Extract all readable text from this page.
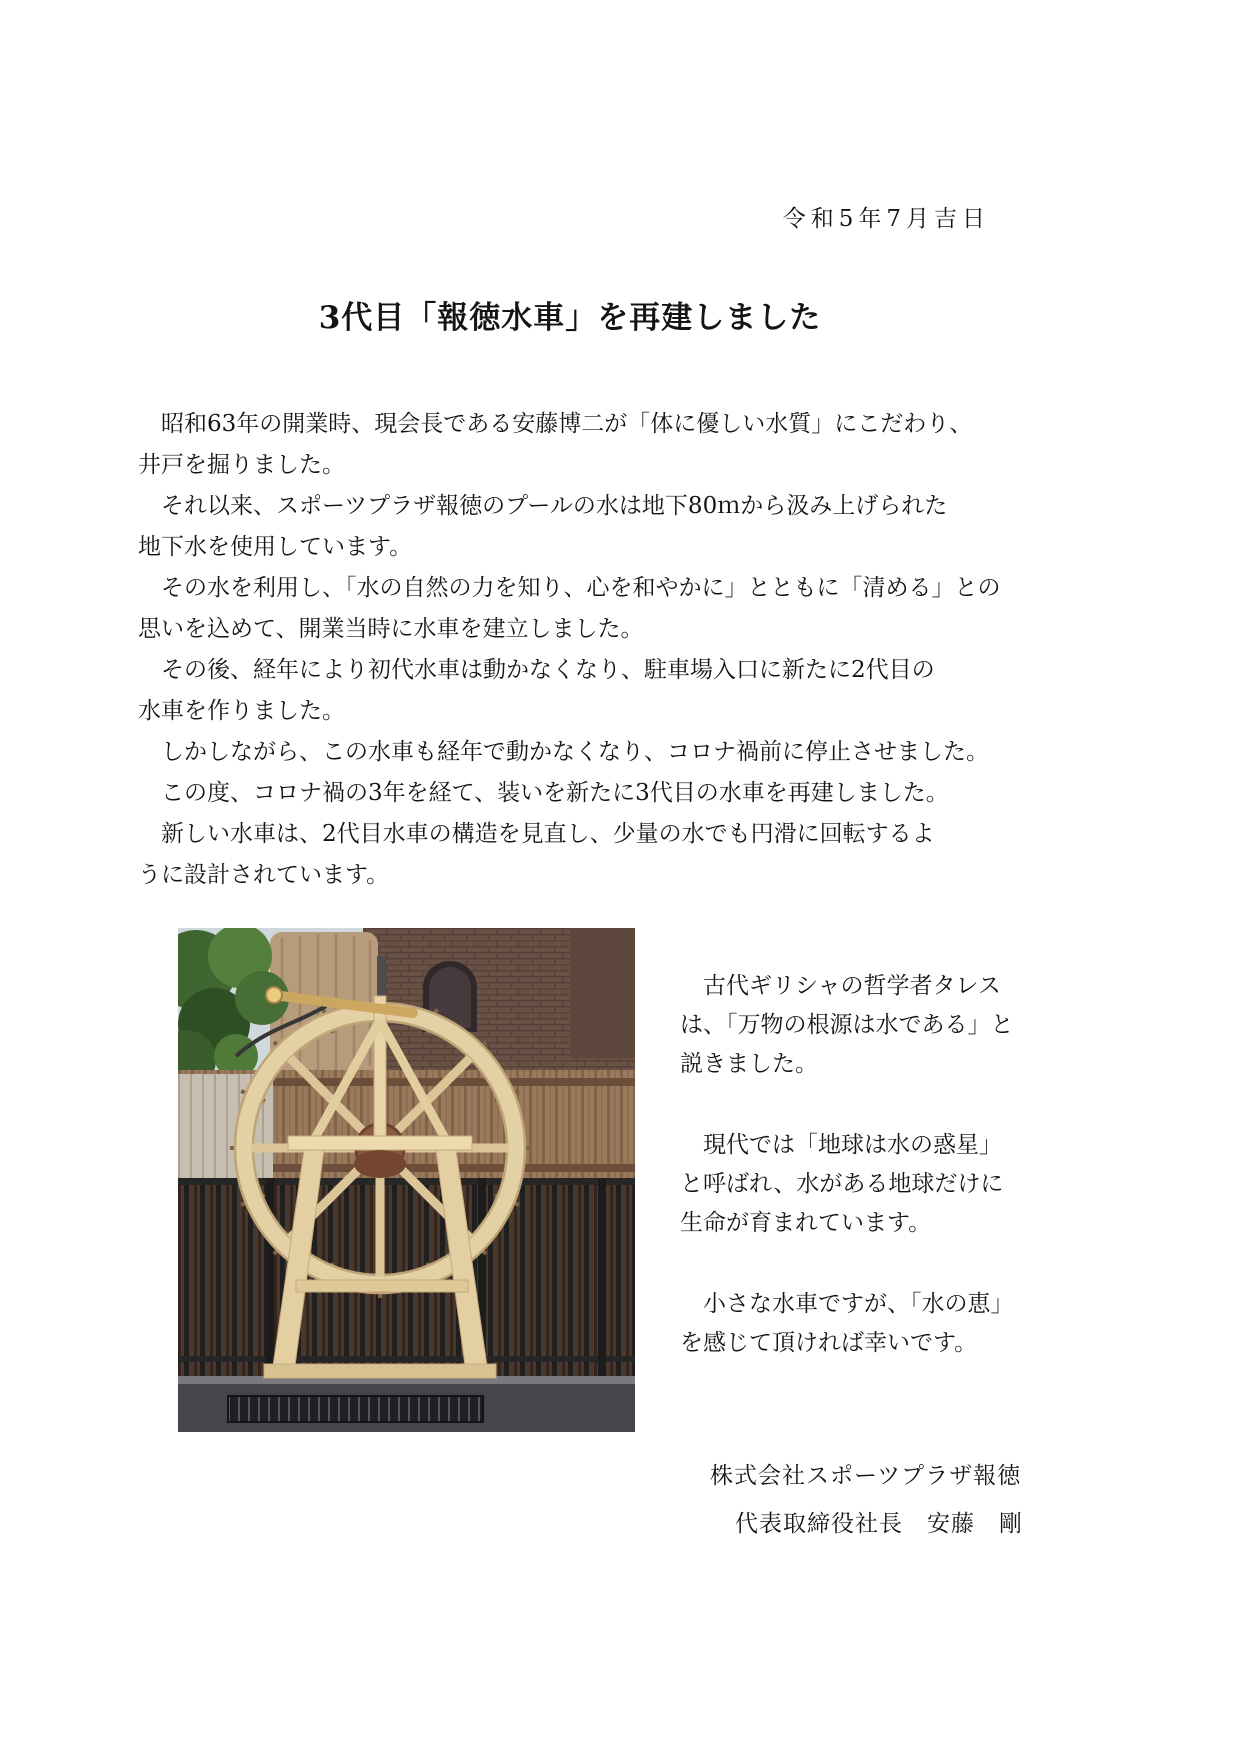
令和5年7月吉日
3代目「報徳水車」を再建しました
　昭和63年の開業時、現会長である安藤博二が「体に優しい水質」にこだわり、
井戸を掘りました。
　それ以来、スポーツプラザ報徳のプールの水は地下80ｍから汲み上げられた
地下水を使用しています。
　その水を利用し、「水の自然の力を知り、心を和やかに」とともに「清める」との
思いを込めて、開業当時に水車を建立しました。
　その後、経年により初代水車は動かなくなり、駐車場入口に新たに2代目の
水車を作りました。
　しかしながら、この水車も経年で動かなくなり、コロナ禍前に停止させました。
　この度、コロナ禍の3年を経て、装いを新たに3代目の水車を再建しました。
　新しい水車は、2代目水車の構造を見直し、少量の水でも円滑に回転するよ
うに設計されています。
　古代ギリシャの哲学者タレス
は、「万物の根源は水である」と
説きました。
　現代では「地球は水の惑星」
と呼ばれ、水がある地球だけに
生命が育まれています。
　小さな水車ですが、「水の恵」
を感じて頂ければ幸いです。
株式会社スポーツプラザ報徳
代表取締役社長　安藤　剛
